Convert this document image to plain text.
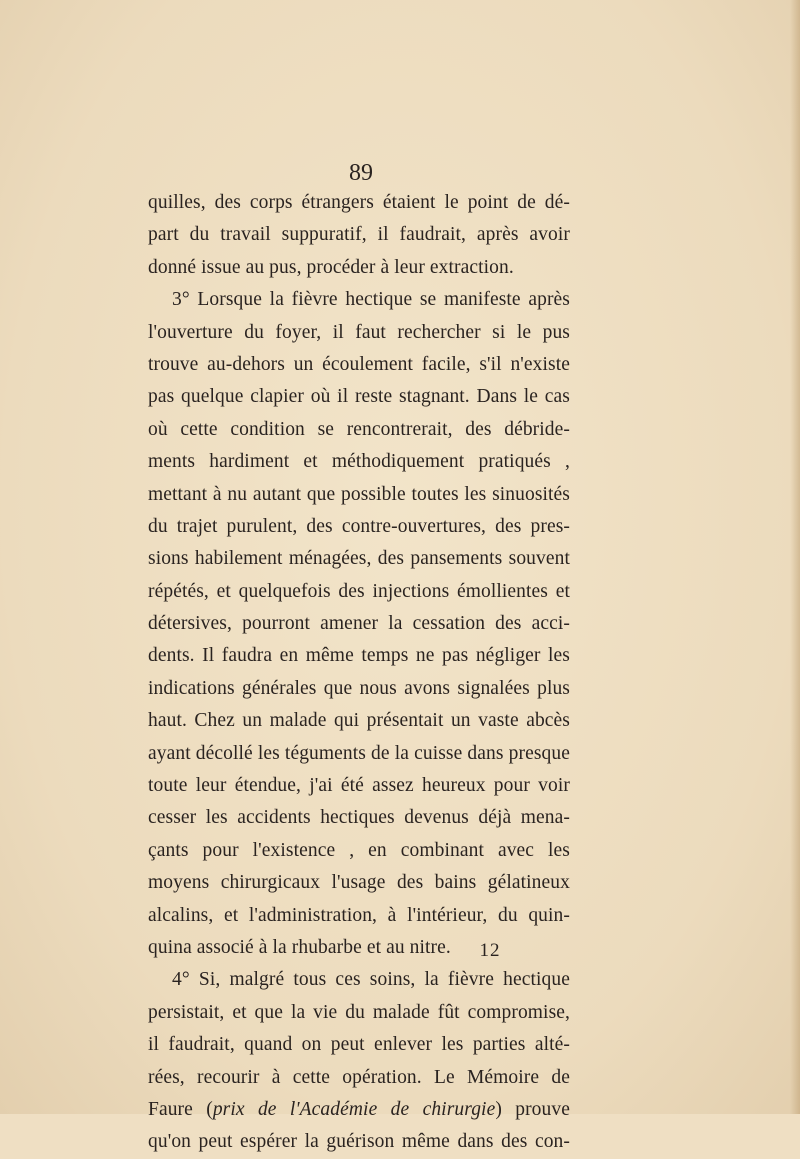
89
quilles, des corps étrangers étaient le point de dé-
part du travail suppuratif, il faudrait, après avoir
donné issue au pus, procéder à leur extraction.
3° Lorsque la fièvre hectique se manifeste après
l'ouverture du foyer, il faut rechercher si le pus
trouve au-dehors un écoulement facile, s'il n'existe
pas quelque clapier où il reste stagnant. Dans le cas
où cette condition se rencontrerait, des débride-
ments hardiment et méthodiquement pratiqués ,
mettant à nu autant que possible toutes les sinuosités
du trajet purulent, des contre-ouvertures, des pres-
sions habilement ménagées, des pansements souvent
répétés, et quelquefois des injections émollientes et
détersives, pourront amener la cessation des acci-
dents. Il faudra en même temps ne pas négliger les
indications générales que nous avons signalées plus
haut. Chez un malade qui présentait un vaste abcès
ayant décollé les téguments de la cuisse dans presque
toute leur étendue, j'ai été assez heureux pour voir
cesser les accidents hectiques devenus déjà mena-
çants pour l'existence , en combinant avec les
moyens chirurgicaux l'usage des bains gélatineux
alcalins, et l'administration, à l'intérieur, du quin-
quina associé à la rhubarbe et au nitre.
4° Si, malgré tous ces soins, la fièvre hectique
persistait, et que la vie du malade fût compromise,
il faudrait, quand on peut enlever les parties alté-
rées, recourir à cette opération. Le Mémoire de
Faure (prix de l'Académie de chirurgie) prouve
qu'on peut espérer la guérison même dans des con-
12
